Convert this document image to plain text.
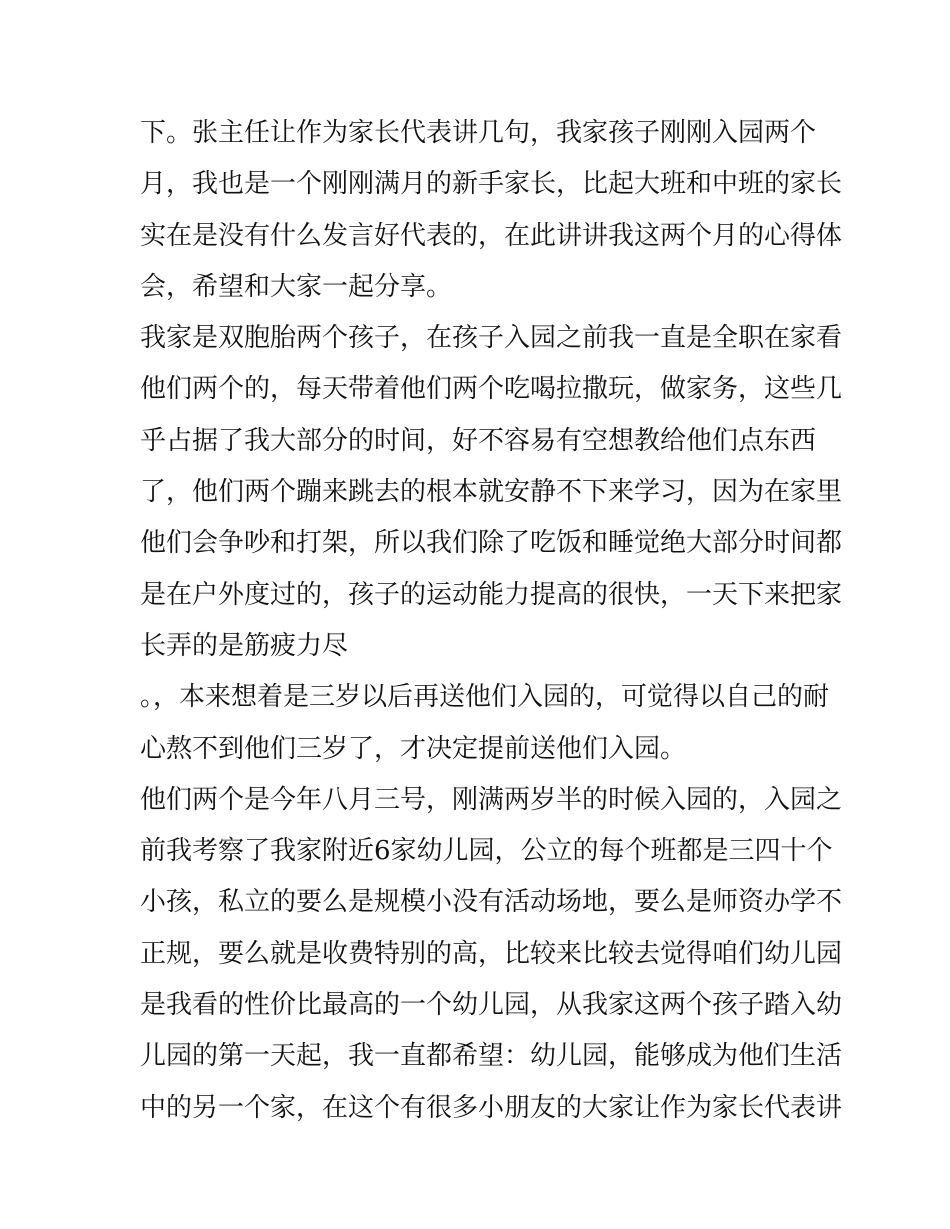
下。张主任让作为家长代表讲几句，我家孩子刚刚入园两个
月，我也是一个刚刚满月的新手家长，比起大班和中班的家长
实在是没有什么发言好代表的，在此讲讲我这两个月的心得体
会，希望和大家一起分享。
我家是双胞胎两个孩子，在孩子入园之前我一直是全职在家看
他们两个的，每天带着他们两个吃喝拉撒玩，做家务，这些几
乎占据了我大部分的时间，好不容易有空想教给他们点东西
了，他们两个蹦来跳去的根本就安静不下来学习，因为在家里
他们会争吵和打架，所以我们除了吃饭和睡觉绝大部分时间都
是在户外度过的，孩子的运动能力提高的很快，一天下来把家
长弄的是筋疲力尽
。，本来想着是三岁以后再送他们入园的，可觉得以自己的耐
心熬不到他们三岁了，才决定提前送他们入园。
他们两个是今年八月三号，刚满两岁半的时候入园的，入园之
前我考察了我家附近6家幼儿园，公立的每个班都是三四十个
小孩，私立的要么是规模小没有活动场地，要么是师资办学不
正规，要么就是收费特别的高，比较来比较去觉得咱们幼儿园
是我看的性价比最高的一个幼儿园，从我家这两个孩子踏入幼
儿园的第一天起，我一直都希望：幼儿园，能够成为他们生活
中的另一个家，在这个有很多小朋友的大家让作为家长代表讲
